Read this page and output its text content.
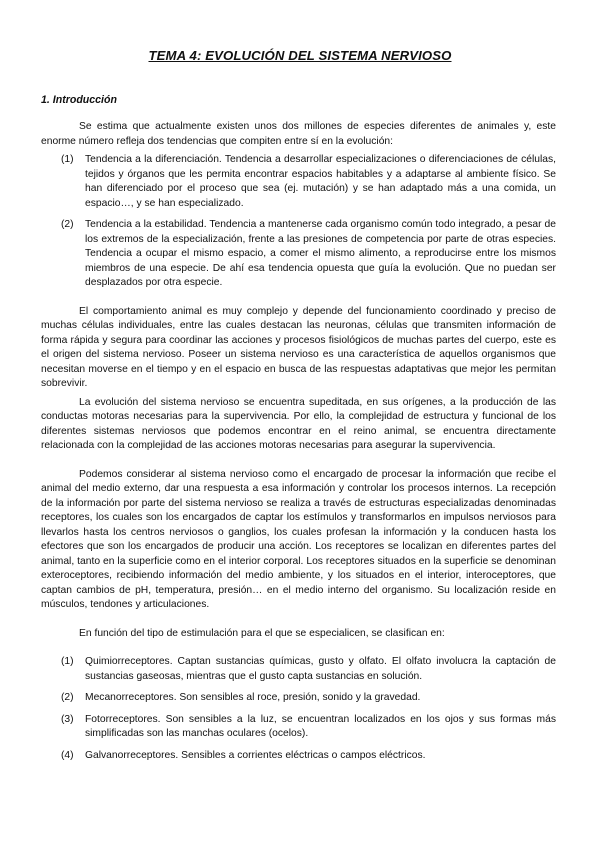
TEMA 4: EVOLUCIÓN DEL SISTEMA NERVIOSO
1. Introducción

Se estima que actualmente existen unos dos millones de especies diferentes de animales y, este enorme número refleja dos tendencias que compiten entre sí en la evolución:

(1)	Tendencia a la diferenciación. Tendencia a desarrollar especializaciones o diferenciaciones de células, tejidos y órganos que les permita encontrar espacios habitables y a adaptarse al ambiente físico. Se han diferenciado por el proceso que sea (ej. mutación) y se han adaptado más a una comida, un espacio…, y se han especializado.
(2)	Tendencia a la estabilidad. Tendencia a mantenerse cada organismo común todo integrado, a pesar de los extremos de la especialización, frente a las presiones de competencia por parte de otras especies. Tendencia a ocupar el mismo espacio, a comer el mismo alimento, a reproducirse entre los mismos miembros de una especie. De ahí esa tendencia opuesta que guía la evolución. Que no puedan ser desplazados por otra especie.

El comportamiento animal es muy complejo y depende del funcionamiento coordinado y preciso de muchas células individuales, entre las cuales destacan las neuronas, células que transmiten información de forma rápida y segura para coordinar las acciones y procesos fisiológicos de muchas partes del cuerpo, este es el origen del sistema nervioso. Poseer un sistema nervioso es una característica de aquellos organismos que necesitan moverse en el tiempo y en el espacio en busca de las respuestas adaptativas que mejor les permitan sobrevivir.

La evolución del sistema nervioso se encuentra supeditada, en sus orígenes, a la producción de las conductas motoras necesarias para la supervivencia. Por ello, la complejidad de estructura y funcional de los diferentes sistemas nerviosos que podemos encontrar en el reino animal, se encuentra directamente relacionada con la complejidad de las acciones motoras necesarias para asegurar la supervivencia.

Podemos considerar al sistema nervioso como el encargado de procesar la información que recibe el animal del medio externo, dar una respuesta a esa información y controlar los procesos internos. La recepción de la información por parte del sistema nervioso se realiza a través de estructuras especializadas denominadas receptores, los cuales son los encargados de captar los estímulos y transformarlos en impulsos nerviosos para llevarlos hasta los centros nerviosos o ganglios, los cuales profesan la información y la conducen hasta los efectores que son los encargados de producir una acción. Los receptores se localizan en diferentes partes del animal, tanto en la superficie como en el interior corporal. Los receptores situados en la superficie se denominan exteroceptores, recibiendo información del medio ambiente, y los situados en el interior, interoceptores, que captan cambios de pH, temperatura, presión… en el medio interno del organismo. Su localización reside en músculos, tendones y articulaciones.

En función del tipo de estimulación para el que se especialicen, se clasifican en:

(1)	Quimiorreceptores. Captan sustancias químicas, gusto y olfato. El olfato involucra la captación de sustancias gaseosas, mientras que el gusto capta sustancias en solución.
(2)	Mecanorreceptores. Son sensibles al roce, presión, sonido y la gravedad.
(3)	Fotorreceptores. Son sensibles a la luz, se encuentran localizados en los ojos y sus formas más simplificadas son las manchas oculares (ocelos).
(4)	Galvanorreceptores. Sensibles a corrientes eléctricas o campos eléctricos.
